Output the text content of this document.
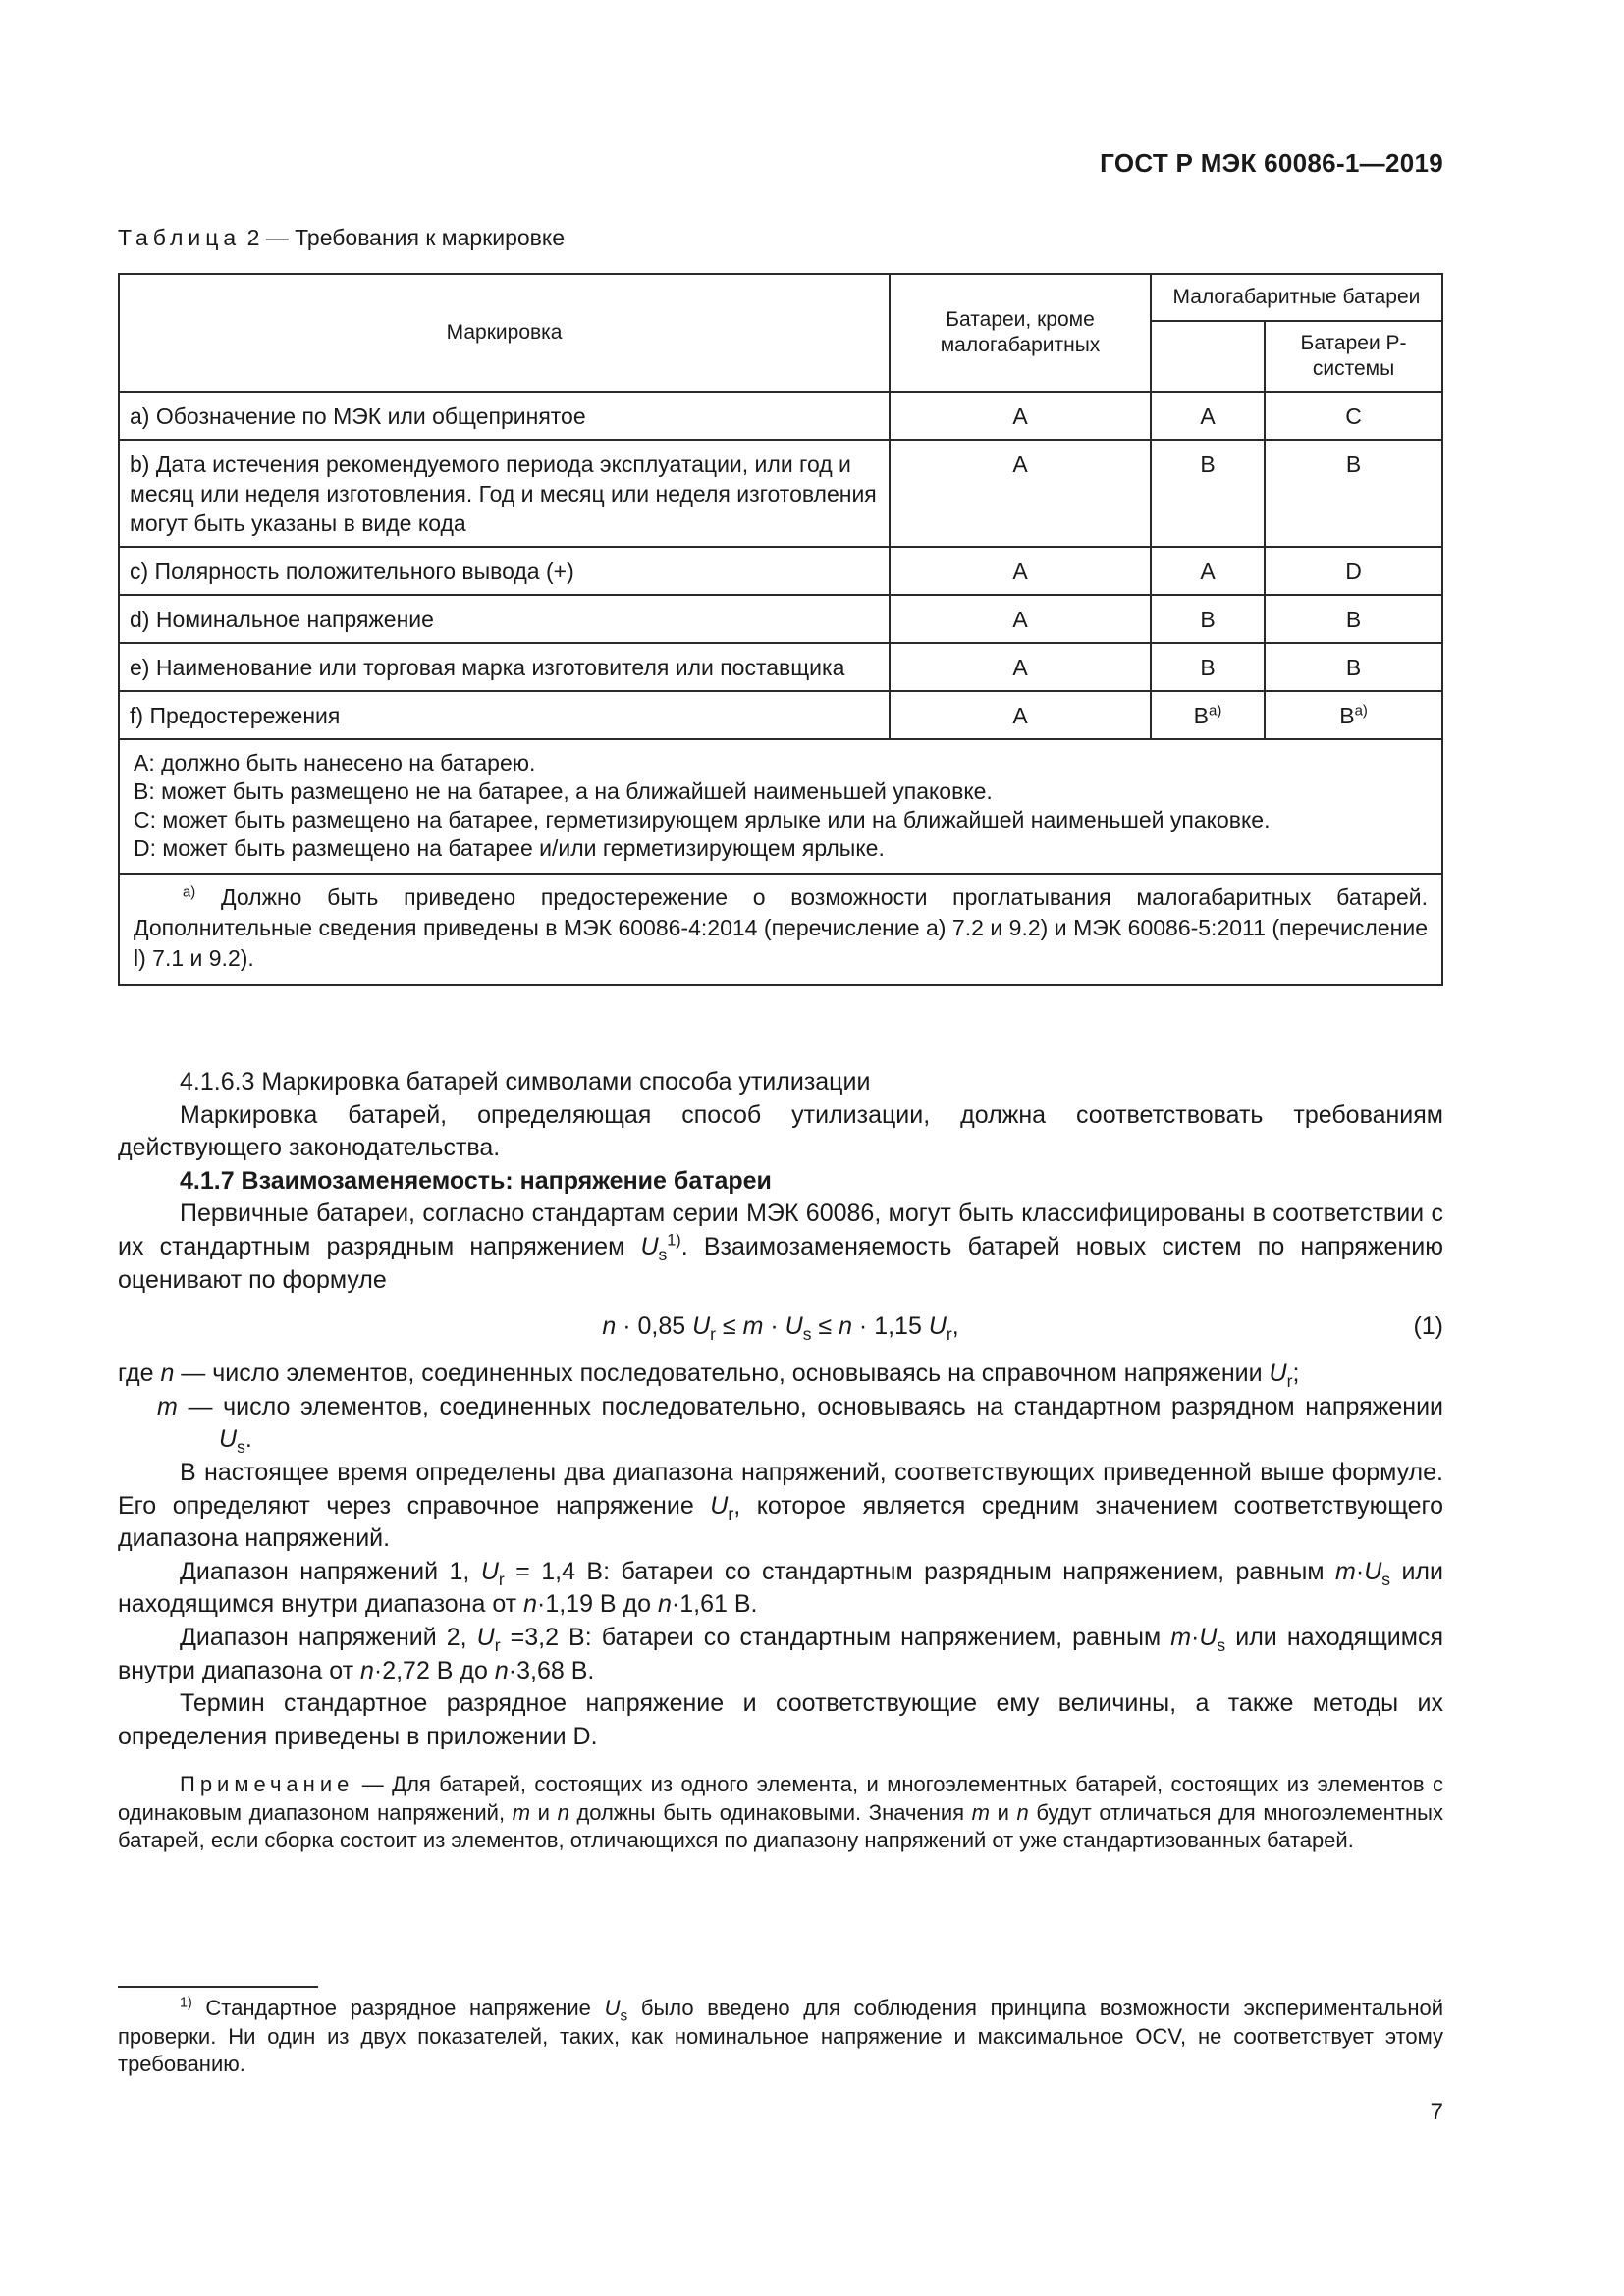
ГОСТ Р МЭК 60086-1—2019
Таблица 2 — Требования к маркировке
Маркировка	Батареи, кроме малогабаритных	Малогабаритные батареи	
			Батареи Р-системы
a) Обозначение по МЭК или общепринятое	A	A	C
b) Дата истечения рекомендуемого периода эксплуатации, или год и месяц или неделя изготовления. Год и месяц или неделя изготовления могут быть указаны в виде кода	A	B	B
c) Полярность положительного вывода (+)	A	A	D
d) Номинальное напряжение	A	B	B
e) Наименование или торговая марка изготовителя или поставщика	A	B	B
f) Предостережения	A	$B^{a)}$	$B^{a)}$

A: должно быть нанесено на батарею.
B: может быть размещено не на батарее, а на ближайшей наименьшей упаковке.
C: может быть размещено на батарее, герметизирующем ярлыке или на ближайшей наименьшей упаковке.
D: может быть размещено на батарее и/или герметизирующем ярлыке.			

$^{a)}$ Должно быть приведено предостережение о возможности проглатывания малогабаритных батарей. Дополнительные сведения приведены в МЭК 60086-4:2014 (перечисление а) 7.2 и 9.2) и МЭК 60086-5:2011 (перечисление l) 7.1 и 9.2).			

4.1.6.3 Маркировка батарей символами способа утилизации

Маркировка батарей, определяющая способ утилизации, должна соответствовать требованиям действующего законодательства.

4.1.7 Взаимозаменяемость: напряжение батареи

Первичные батареи, согласно стандартам серии МЭК 60086, могут быть классифицированы в соответствии с их стандартным разрядным напряжением $U_s^{1)}$. Взаимозаменяемость батарей новых систем по напряжению оценивают по формуле

n · 0,85 $U_r \le m \cdot U_s \le n \cdot 1,15$ $U_r$,	(1)

где n — число элементов, соединенных последовательно, основываясь на справочном напряжении $U_r$;

m — число элементов, соединенных последовательно, основываясь на стандартном разрядном напряжении $U_s$.

В настоящее время определены два диапазона напряжений, соответствующих приведенной выше формуле. Его определяют через справочное напряжение $U_r$, которое является средним значением соответствующего диапазона напряжений.

Диапазон напряжений 1, $U_r = 1,4$ В: батареи со стандартным разрядным напряжением, равным $m\cdot U_s$ или находящимся внутри диапазона от n·1,19 В до n·1,61 В.

Диапазон напряжений 2, $U_r =3,2$ В: батареи со стандартным напряжением, равным $m\cdot U_s$ или находящимся внутри диапазона от n·2,72 В до n·3,68 В.

Термин стандартное разрядное напряжение и соответствующие ему величины, а также методы их определения приведены в приложении D.

Примечание — Для батарей, состоящих из одного элемента, и многоэлементных батарей, состоящих из элементов с одинаковым диапазоном напряжений, m и n должны быть одинаковыми. Значения m и n будут отличаться для многоэлементных батарей, если сборка состоит из элементов, отличающихся по диапазону напряжений от уже стандартизованных батарей.

$^{1)}$ Стандартное разрядное напряжение $U_s$ было введено для соблюдения принципа возможности экспериментальной проверки. Ни один из двух показателей, таких, как номинальное напряжение и максимальное OCV, не соответствует этому требованию.

7
